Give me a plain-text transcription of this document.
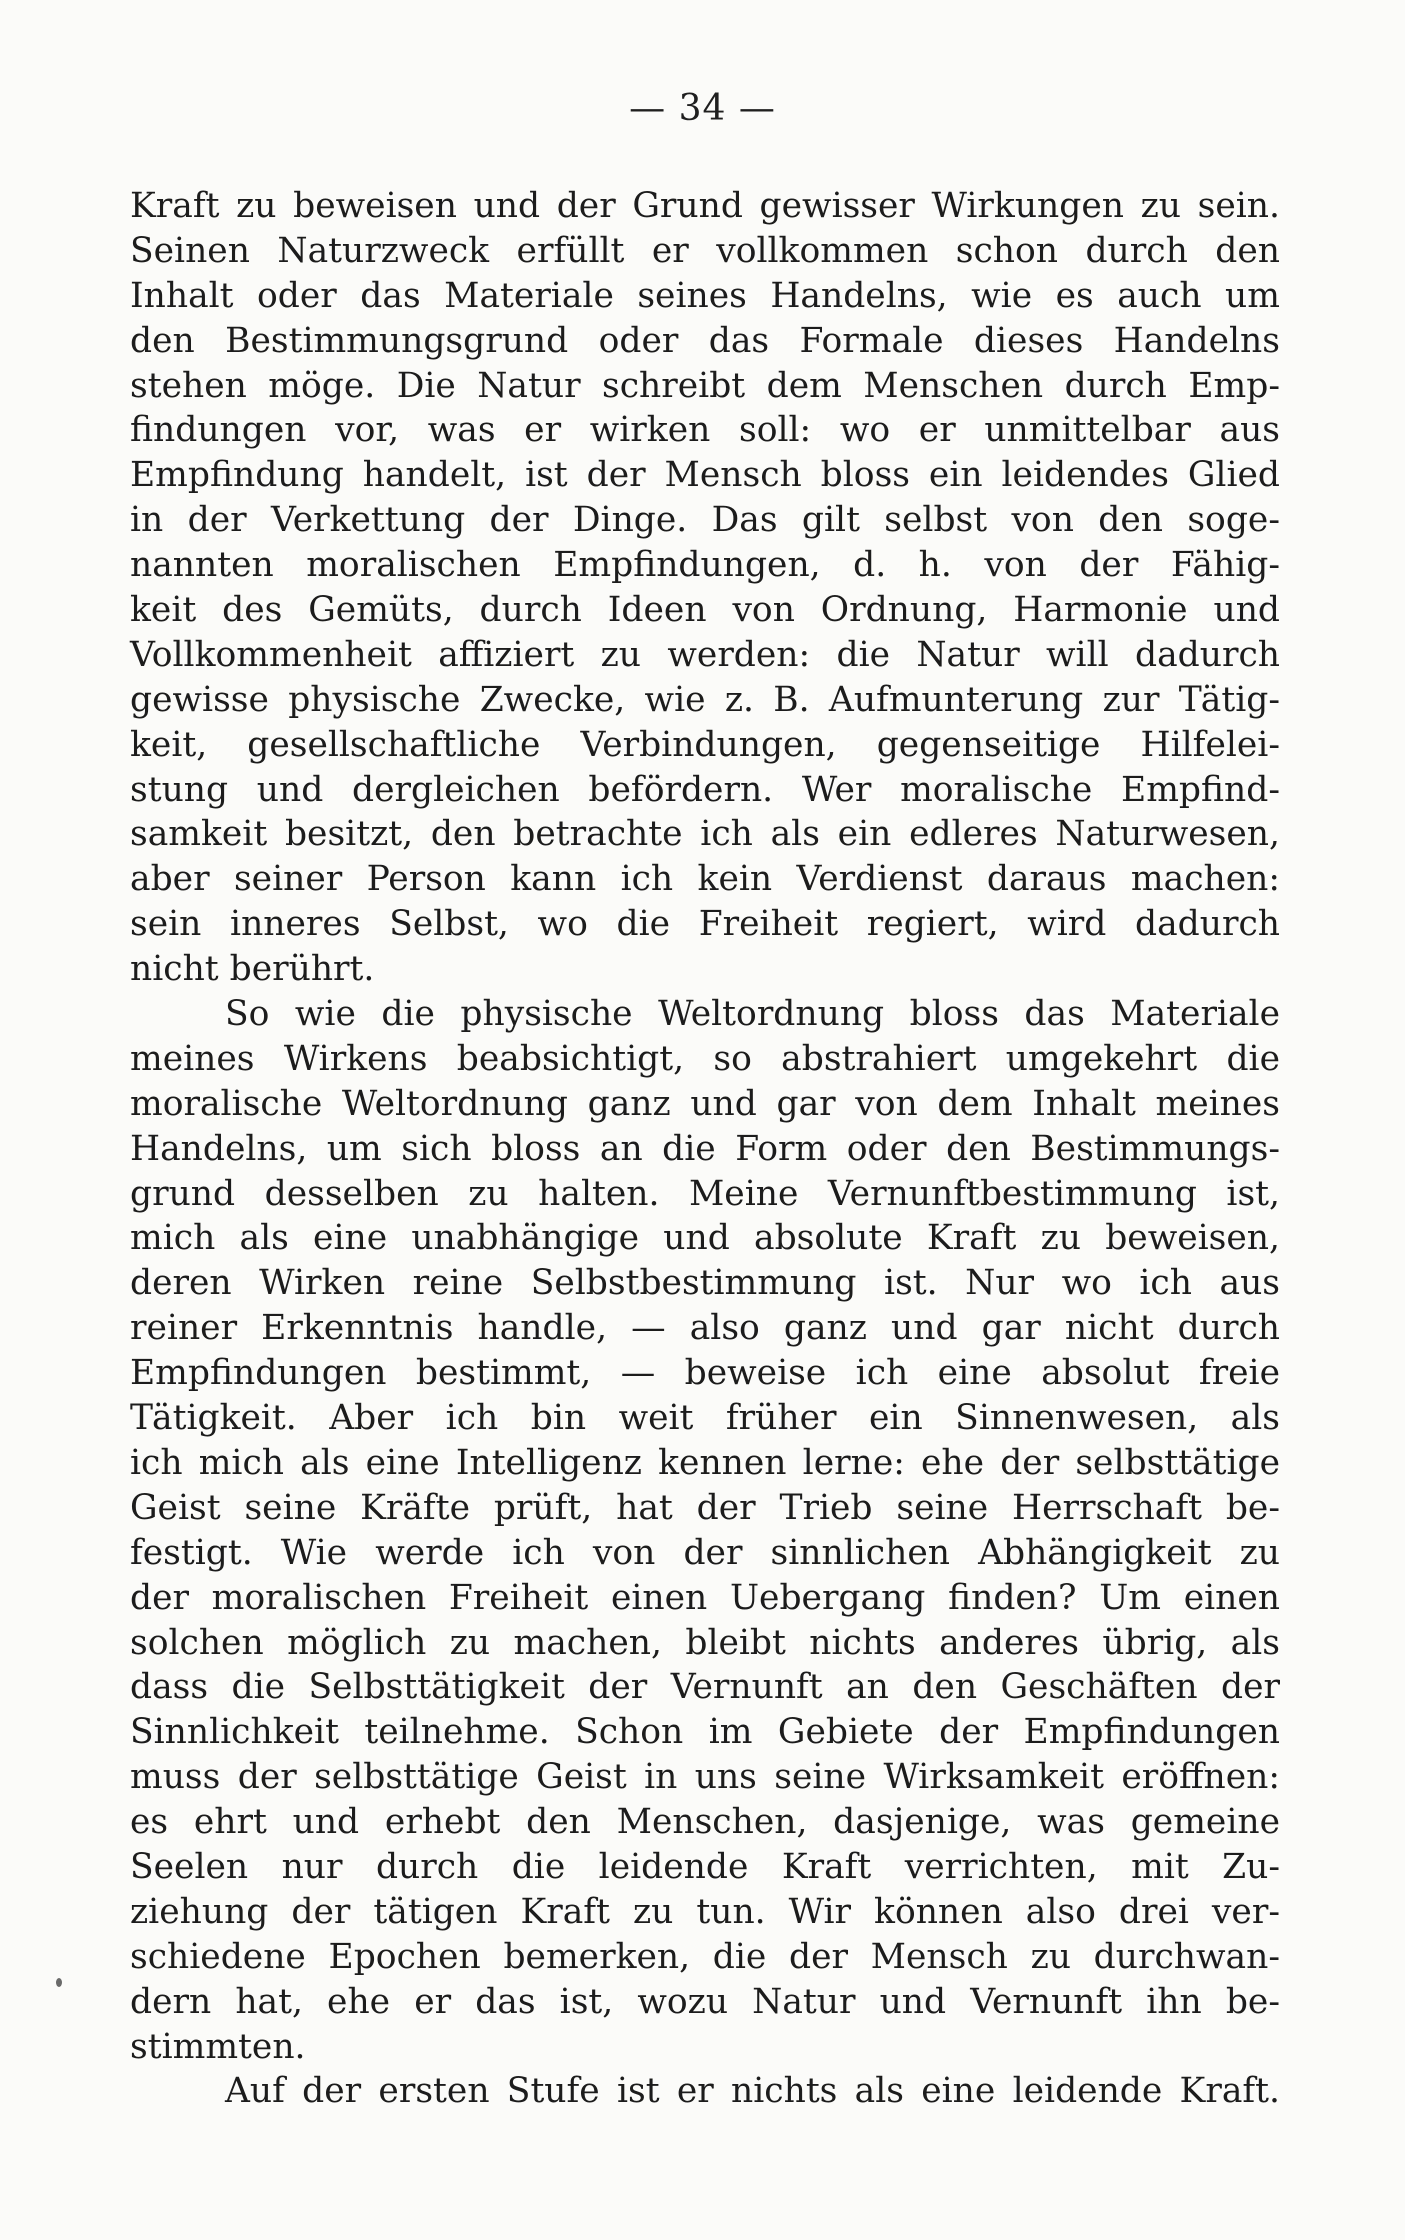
— 34 —
Kraft zu beweisen und der Grund gewisser Wirkungen zu sein.
Seinen Naturzweck erfüllt er vollkommen schon durch den
Inhalt oder das Materiale seines Handelns, wie es auch um
den Bestimmungsgrund oder das Formale dieses Handelns
stehen möge. Die Natur schreibt dem Menschen durch Emp-
findungen vor, was er wirken soll: wo er unmittelbar aus
Empfindung handelt, ist der Mensch bloss ein leidendes Glied
in der Verkettung der Dinge. Das gilt selbst von den soge-
nannten moralischen Empfindungen, d. h. von der Fähig-
keit des Gemüts, durch Ideen von Ordnung, Harmonie und
Vollkommenheit affiziert zu werden: die Natur will dadurch
gewisse physische Zwecke, wie z. B. Aufmunterung zur Tätig-
keit, gesellschaftliche Verbindungen, gegenseitige Hilfelei-
stung und dergleichen befördern. Wer moralische Empfind-
samkeit besitzt, den betrachte ich als ein edleres Naturwesen,
aber seiner Person kann ich kein Verdienst daraus machen:
sein inneres Selbst, wo die Freiheit regiert, wird dadurch
nicht berührt.
So wie die physische Weltordnung bloss das Materiale
meines Wirkens beabsichtigt, so abstrahiert umgekehrt die
moralische Weltordnung ganz und gar von dem Inhalt meines
Handelns, um sich bloss an die Form oder den Bestimmungs-
grund desselben zu halten. Meine Vernunftbestimmung ist,
mich als eine unabhängige und absolute Kraft zu beweisen,
deren Wirken reine Selbstbestimmung ist. Nur wo ich aus
reiner Erkenntnis handle, — also ganz und gar nicht durch
Empfindungen bestimmt, — beweise ich eine absolut freie
Tätigkeit. Aber ich bin weit früher ein Sinnenwesen, als
ich mich als eine Intelligenz kennen lerne: ehe der selbsttätige
Geist seine Kräfte prüft, hat der Trieb seine Herrschaft be-
festigt. Wie werde ich von der sinnlichen Abhängigkeit zu
der moralischen Freiheit einen Uebergang finden? Um einen
solchen möglich zu machen, bleibt nichts anderes übrig, als
dass die Selbsttätigkeit der Vernunft an den Geschäften der
Sinnlichkeit teilnehme. Schon im Gebiete der Empfindungen
muss der selbsttätige Geist in uns seine Wirksamkeit eröffnen:
es ehrt und erhebt den Menschen, dasjenige, was gemeine
Seelen nur durch die leidende Kraft verrichten, mit Zu-
ziehung der tätigen Kraft zu tun. Wir können also drei ver-
schiedene Epochen bemerken, die der Mensch zu durchwan-
dern hat, ehe er das ist, wozu Natur und Vernunft ihn be-
stimmten.
Auf der ersten Stufe ist er nichts als eine leidende Kraft.
